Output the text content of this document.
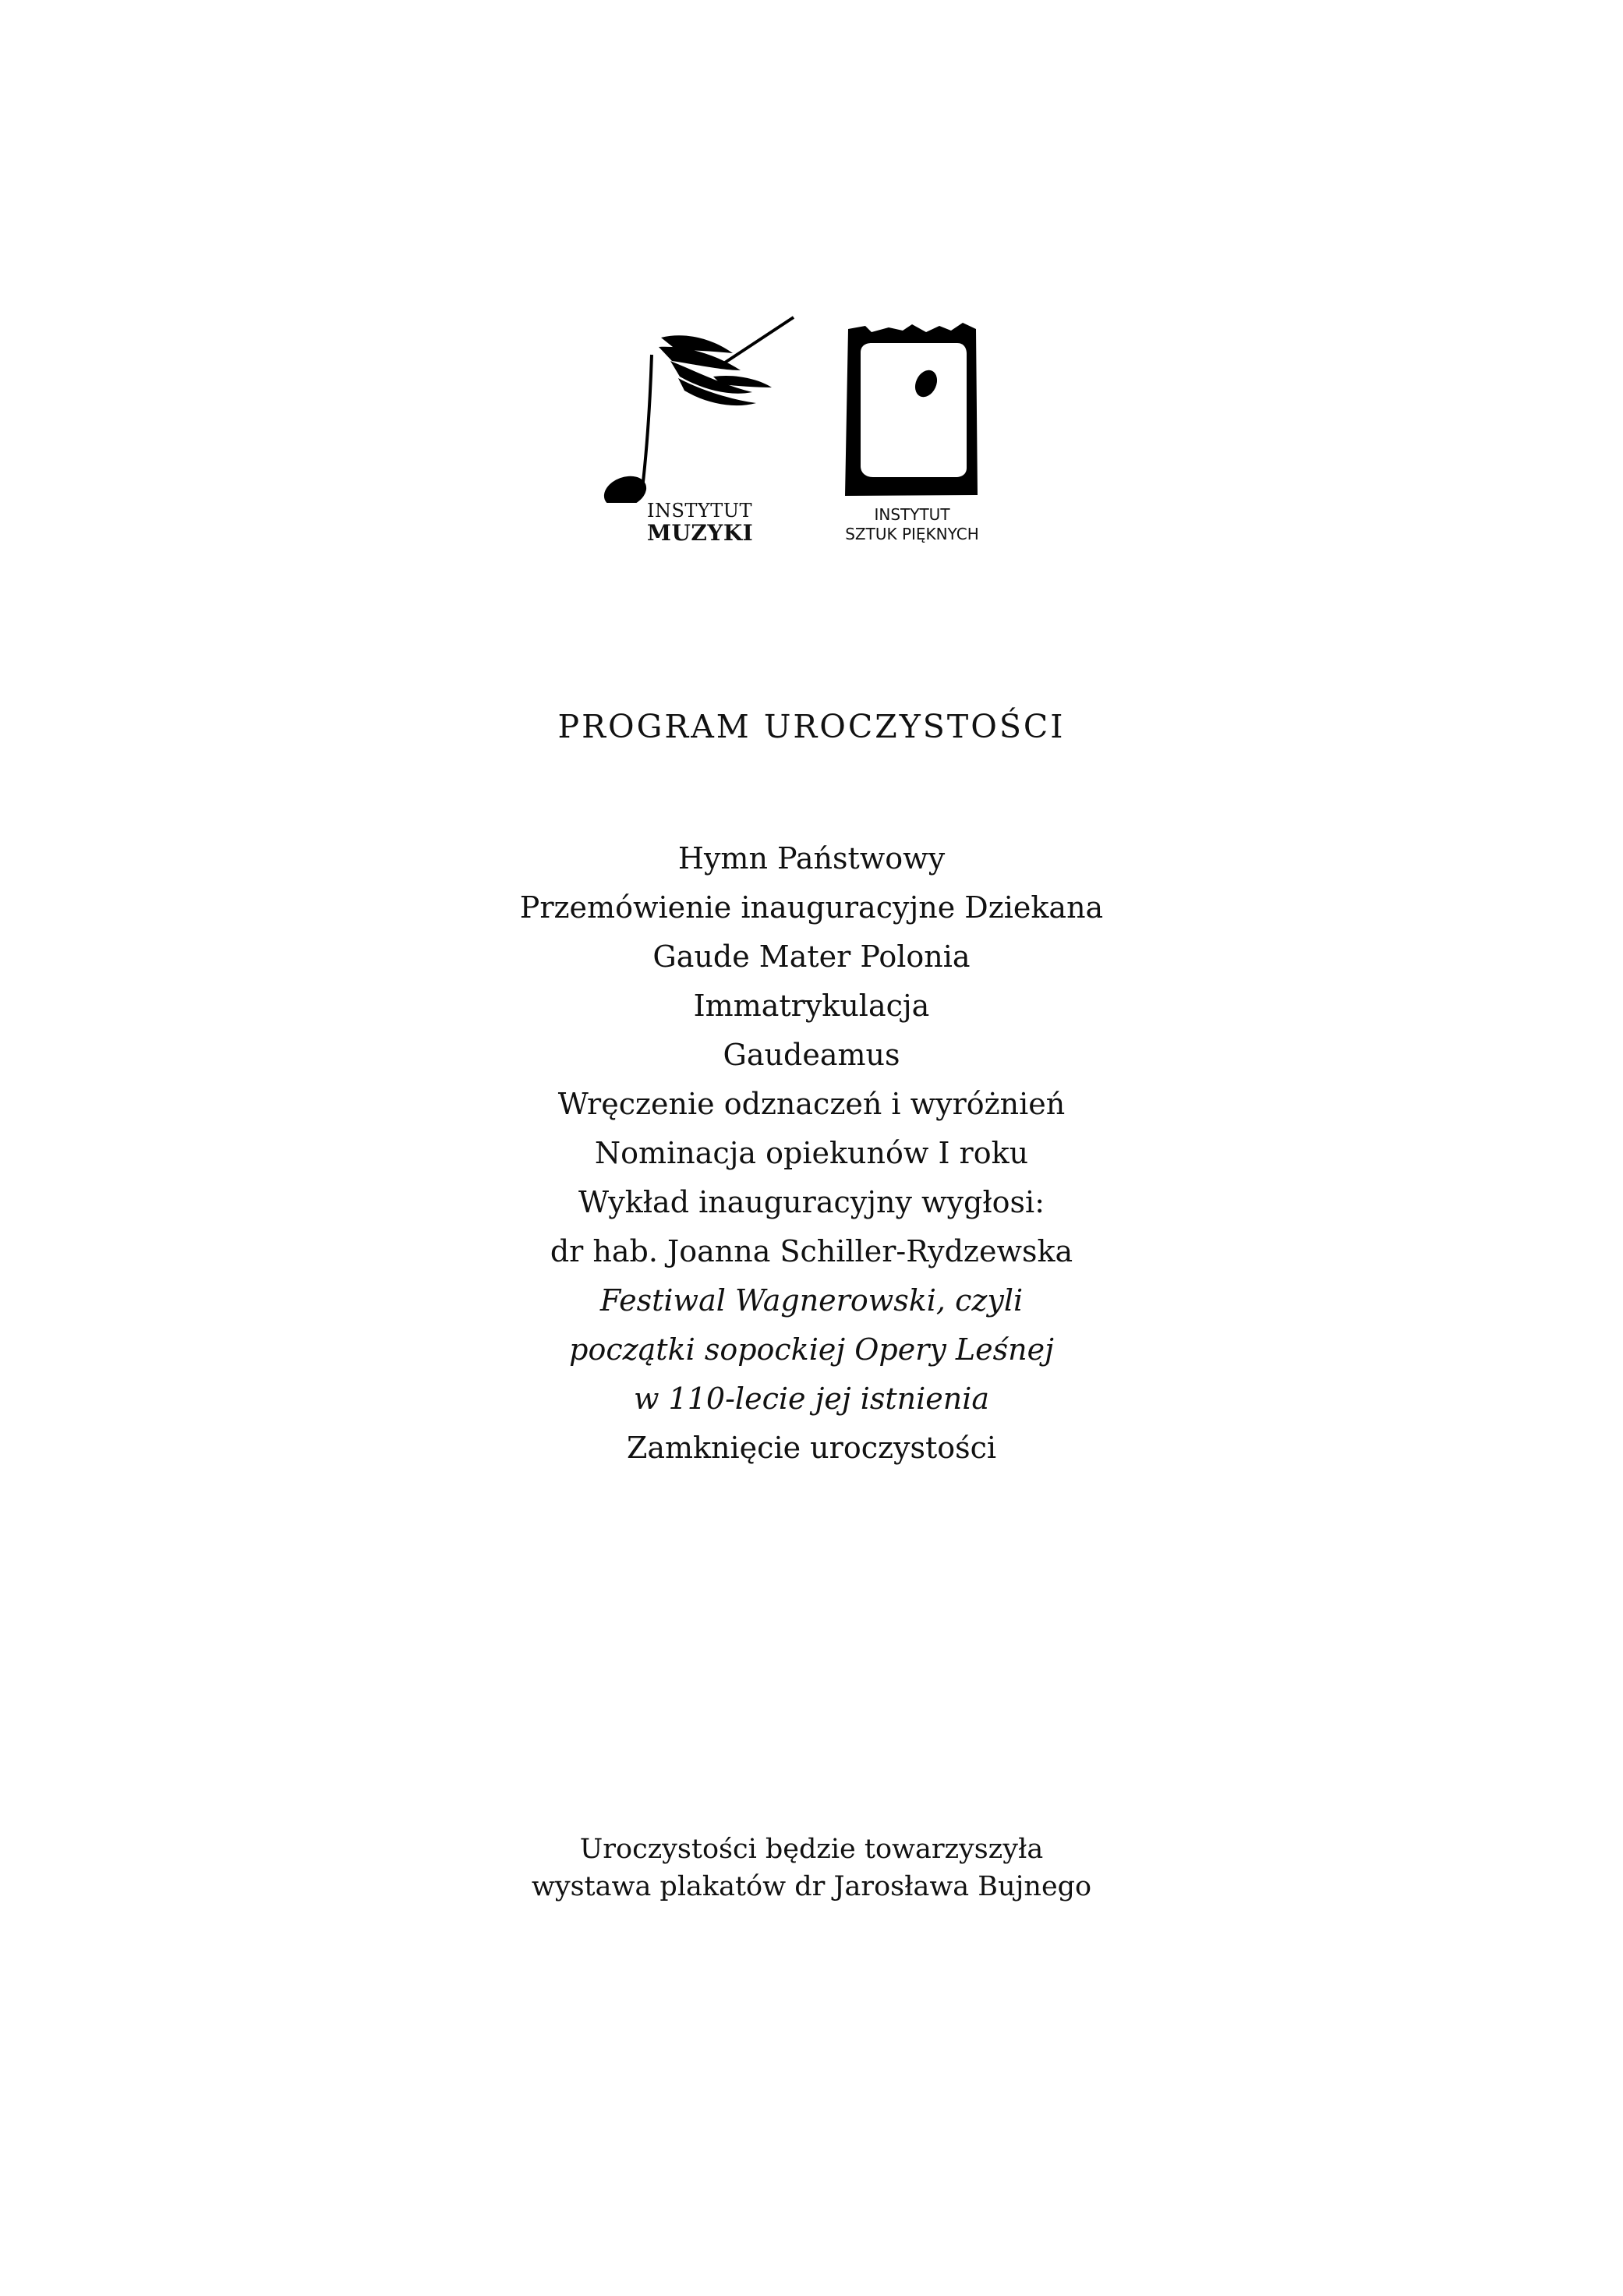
INSTYTUT
MUZYKI
INSTYTUT
SZTUK PIĘKNYCH
PROGRAM UROCZYSTOŚCI
Hymn Państwowy
Przemówienie inauguracyjne Dziekana
Gaude Mater Polonia
Immatrykulacja
Gaudeamus
Wręczenie odznaczeń i wyróżnień
Nominacja opiekunów I roku
Wykład inauguracyjny wygłosi:
dr hab. Joanna Schiller-Rydzewska
Festiwal Wagnerowski, czyli
początki sopockiej Opery Leśnej
w 110-lecie jej istnienia
Zamknięcie uroczystości
Uroczystości będzie towarzyszyła
wystawa plakatów dr Jarosława Bujnego
